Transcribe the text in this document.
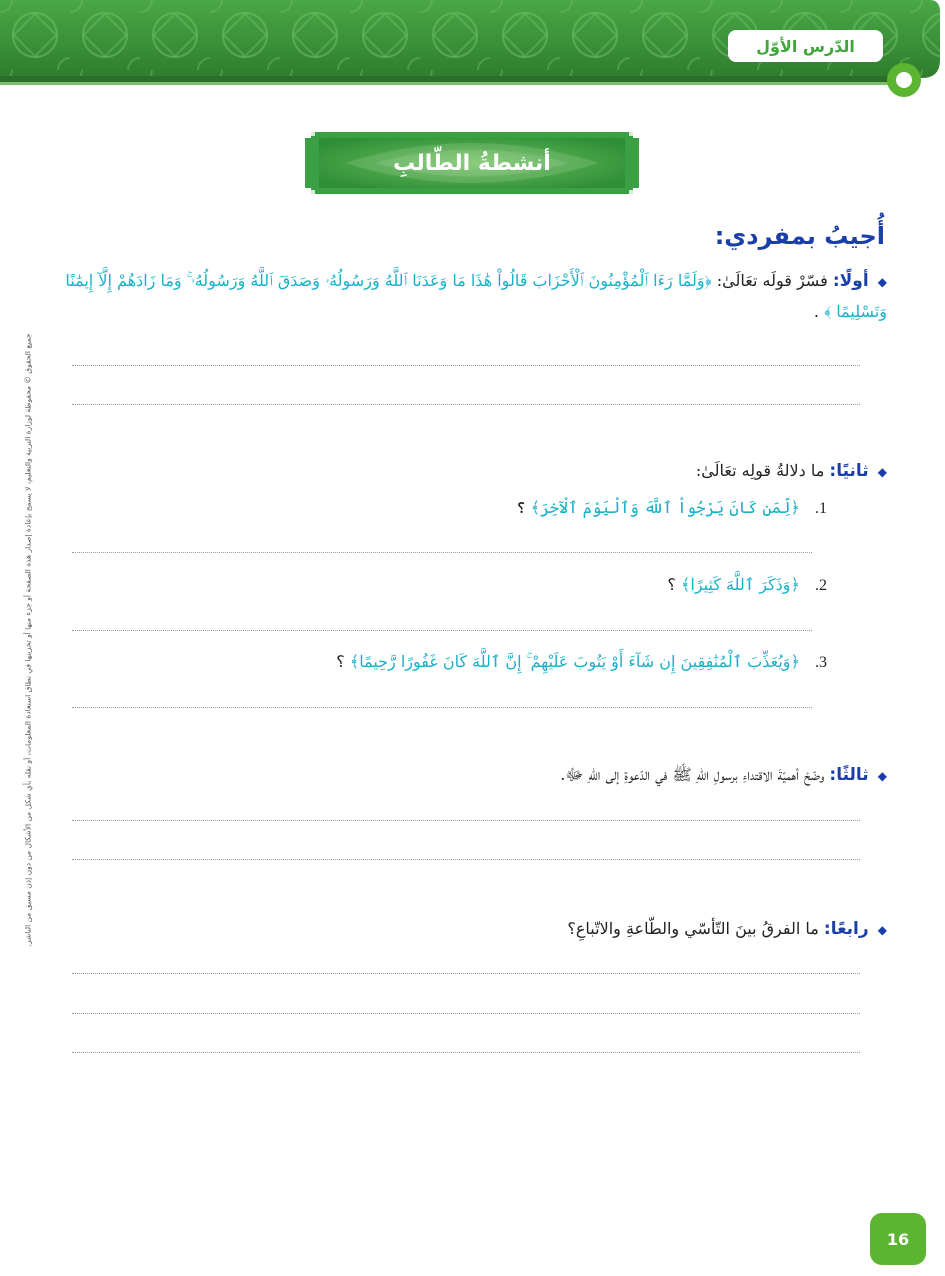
الدّرس الأوّل
أنشطةُ الطّالبِ
جميع الحقوق © محفوظة لوزارة التربية والتعليم، لا يسمح بإعادة إصدار هذه الصفحة أو جزء منها أو تخزينها في نطاق استعادة المعلومات، أو نقله بأي شكل من الأشكال من دون إذن مسبق من الناشر.
أُجيبُ بمفردي:
◆ أولًا: فسّرْ قولَه تعَالَىٰ: ﴿وَلَمَّا رَءَا ٱلْمُؤْمِنُونَ ٱلْأَحْزَابَ قَالُواْ هَٰذَا مَا وَعَدَنَا ٱللَّهُ وَرَسُولُهُۥ وَصَدَقَ ٱللَّهُ وَرَسُولُهُۥ ۚ وَمَا زَادَهُمْ إِلَّآ إِيمَٰنًا وَتَسْلِيمًا ﴾ .
◆ ثانيًا: ما دلالةُ قولِه تعَالَىٰ:
1. ﴿لِّمَن كَانَ يَرْجُواْ ٱللَّهَ وَٱلْيَوْمَ ٱلْآخِرَ﴾ ؟
2. ﴿وَذَكَرَ ٱللَّهَ كَثِيرًا﴾ ؟
3. ﴿وَيُعَذِّبَ ٱلْمُنَٰفِقِينَ إِن شَآءَ أَوْ يَتُوبَ عَلَيْهِمْ ۚ إِنَّ ٱللَّهَ كَانَ غَفُورًا رَّحِيمًا﴾ ؟
◆ ثالثًا: وضّحْ أهميّةَ الاقتداءِ برسولِ اللّهِ ﷺ في الدّعوةِ إلى اللّهِ ﷻ.
◆ رابعًا: ما الفرقُ بينَ التّأسّي والطّاعةِ والاتّباعِ؟
16
